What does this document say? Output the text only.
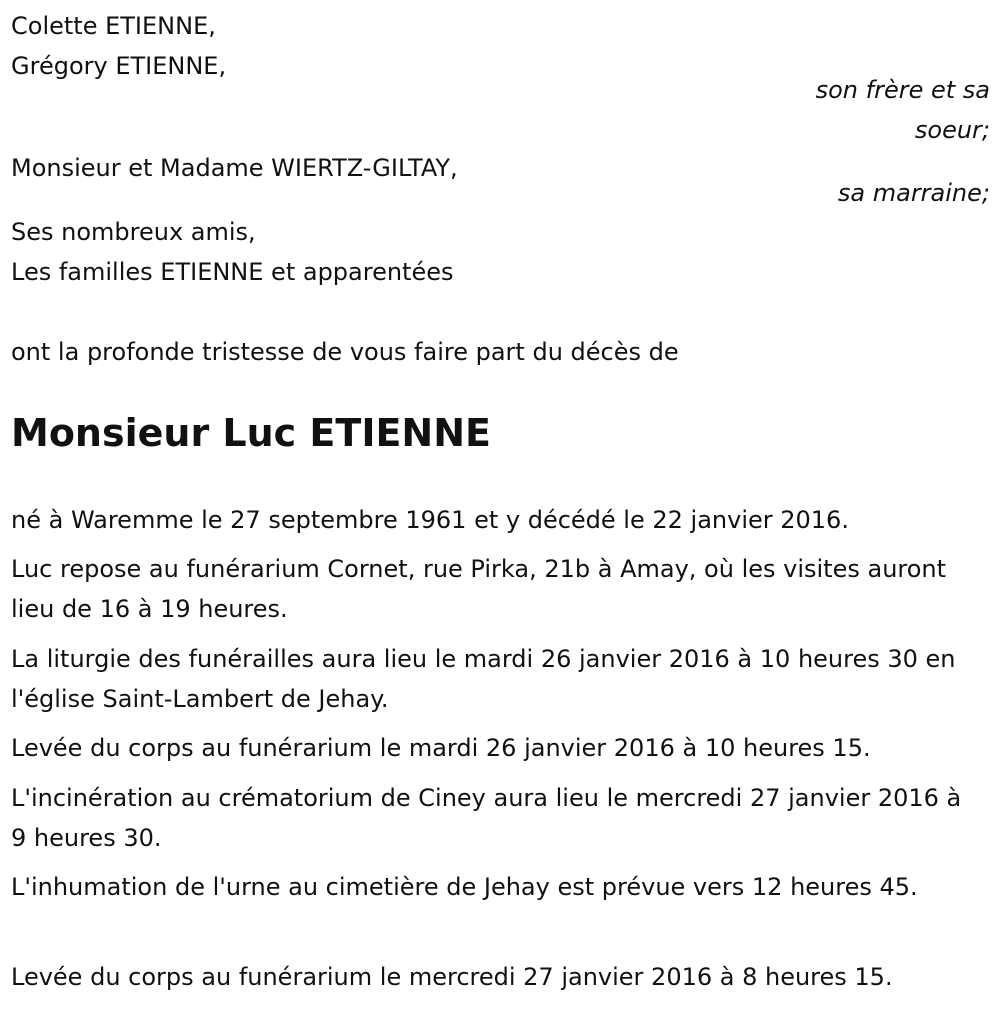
Colette ETIENNE,
Grégory ETIENNE,
son frère et sa
soeur;
Monsieur et Madame WIERTZ-GILTAY,
sa marraine;
Ses nombreux amis,
Les familles ETIENNE et apparentées
ont la profonde tristesse de vous faire part du décès de
Monsieur Luc ETIENNE
né à Waremme le 27 septembre 1961 et y décédé le 22 janvier 2016.
Luc repose au funérarium Cornet, rue Pirka, 21b à Amay, où les visites auront lieu de 16 à 19 heures.
La liturgie des funérailles aura lieu le mardi 26 janvier 2016 à 10 heures 30 en l'église Saint-Lambert de Jehay.
Levée du corps au funérarium le mardi 26 janvier 2016 à 10 heures 15.
L'incinération au crématorium de Ciney aura lieu le mercredi 27 janvier 2016 à 9 heures 30.
L'inhumation de l'urne au cimetière de Jehay est prévue vers 12 heures 45.
Levée du corps au funérarium le mercredi 27 janvier 2016 à 8 heures 15.
